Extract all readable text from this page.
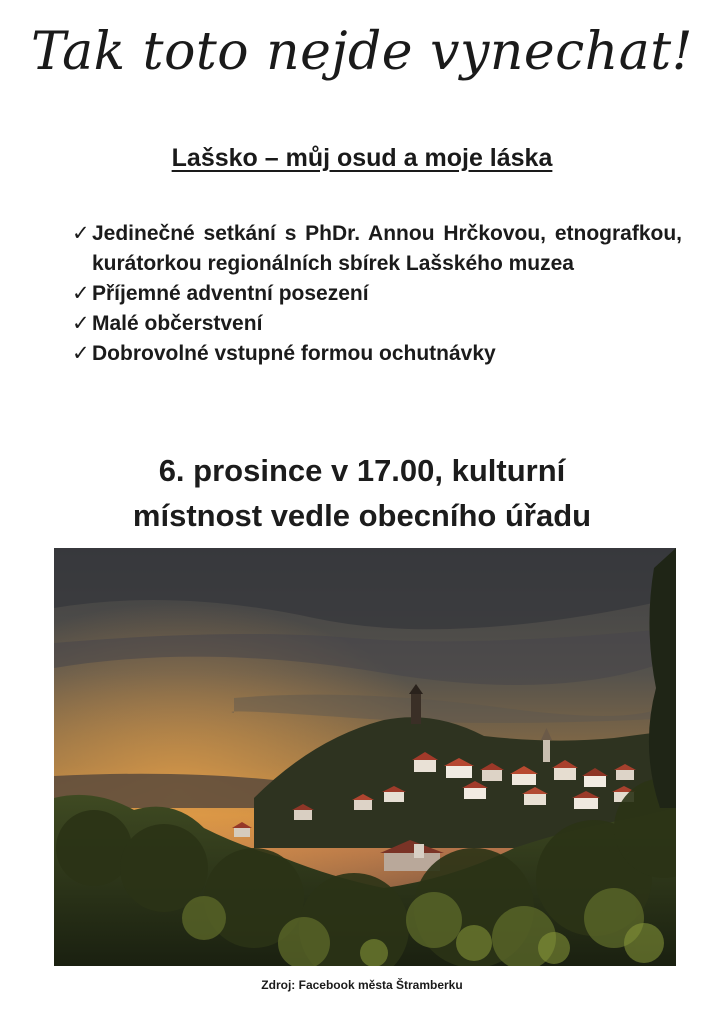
Tak toto nejde vynechat!
Lašsko – můj osud a moje láska
✓ Jedinečné setkání s PhDr. Annou Hrčkovou, etnografkou, kurátorkou regionálních sbírek Lašského muzea
✓ Příjemné adventní posezení
✓ Malé občerstvení
✓ Dobrovolné vstupné formou ochutnávky
6. prosince v 17.00, kulturní
místnost vedle obecního úřadu
Zdroj: Facebook města Štramberku
